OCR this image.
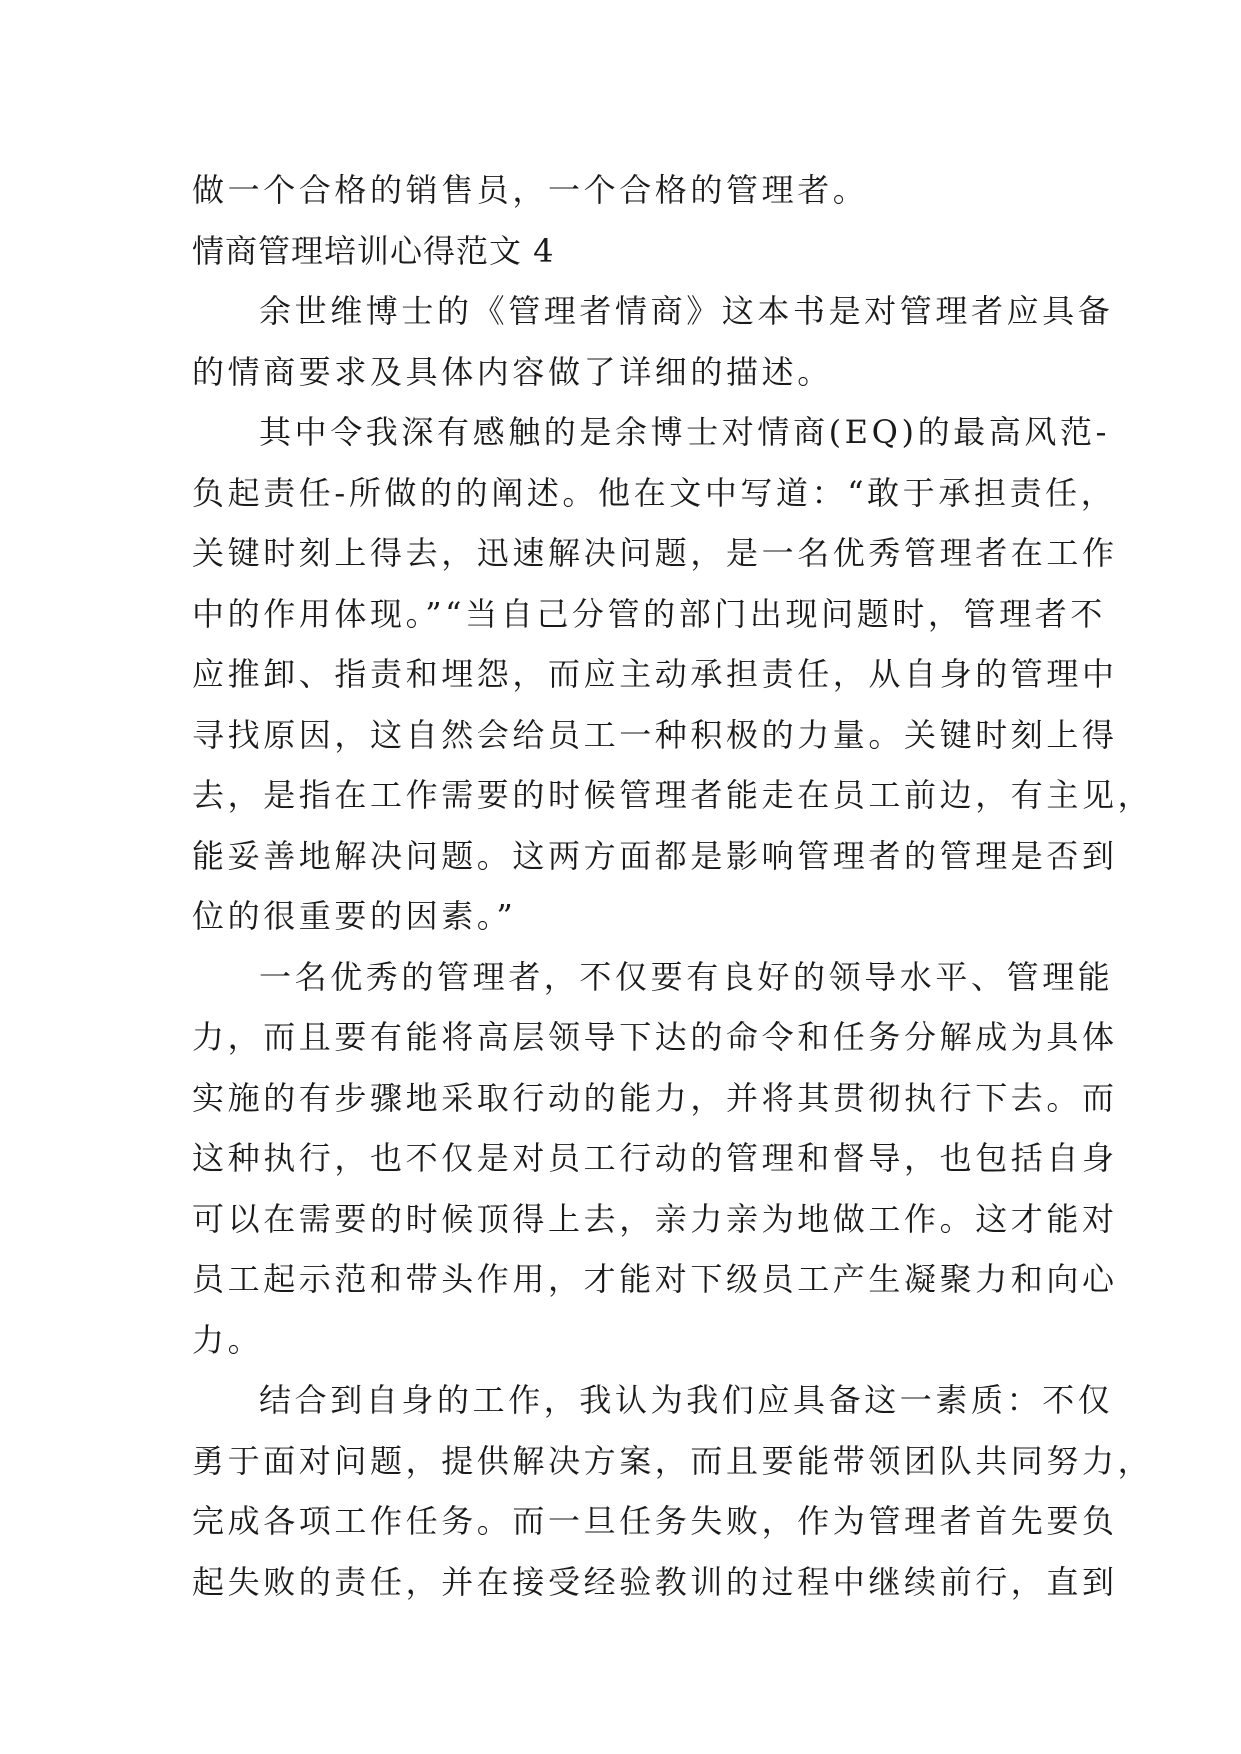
做一个合格的销售员，一个合格的管理者。

情商管理培训心得范文 4

余世维博士的《管理者情商》这本书是对管理者应具备

的情商要求及具体内容做了详细的描述。

其中令我深有感触的是余博士对情商(EQ)的最高风范-

负起责任-所做的的阐述。他在文中写道：“敢于承担责任，

关键时刻上得去，迅速解决问题，是一名优秀管理者在工作

中的作用体现。”“当自己分管的部门出现问题时，管理者不

应推卸、指责和埋怨，而应主动承担责任，从自身的管理中

寻找原因，这自然会给员工一种积极的力量。关键时刻上得

去，是指在工作需要的时候管理者能走在员工前边，有主见，

能妥善地解决问题。这两方面都是影响管理者的管理是否到

位的很重要的因素。”

一名优秀的管理者，不仅要有良好的领导水平、管理能

力，而且要有能将高层领导下达的命令和任务分解成为具体

实施的有步骤地采取行动的能力，并将其贯彻执行下去。而

这种执行，也不仅是对员工行动的管理和督导，也包括自身

可以在需要的时候顶得上去，亲力亲为地做工作。这才能对

员工起示范和带头作用，才能对下级员工产生凝聚力和向心

力。

结合到自身的工作，我认为我们应具备这一素质：不仅

勇于面对问题，提供解决方案，而且要能带领团队共同努力，

完成各项工作任务。而一旦任务失败，作为管理者首先要负

起失败的责任，并在接受经验教训的过程中继续前行，直到
